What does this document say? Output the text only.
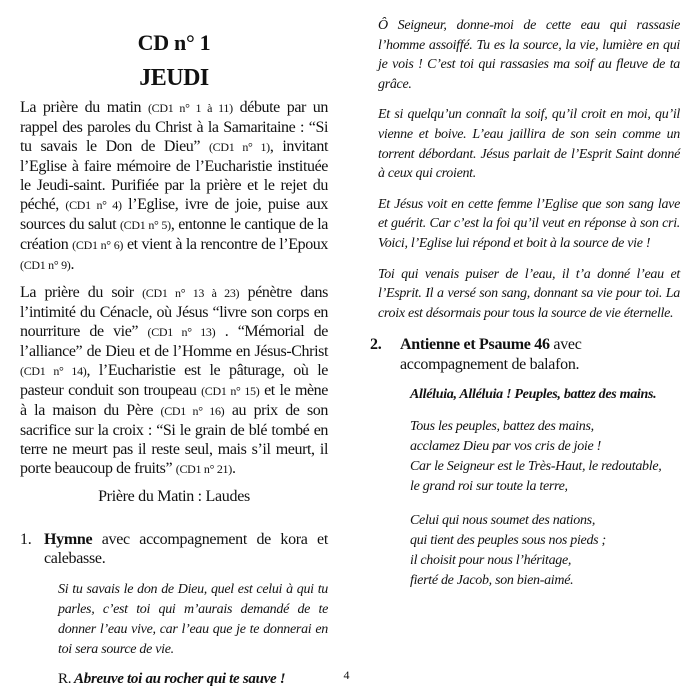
CD n° 1
JEUDI

La prière du matin (CD1 n° 1 à 11) débute par un rappel des paroles du Christ à la Samaritaine : “Si tu savais le Don de Dieu” (CD1 n° 1), invitant l’Eglise à faire mémoire de l’Eucharistie instituée le Jeudi-saint. Purifiée par la prière et le rejet du péché, (CD1 n° 4) l’Eglise, ivre de joie, puise aux sources du salut (CD1 n° 5), entonne le cantique de la création (CD1 n° 6) et vient à la rencontre de l’Epoux (CD1 n° 9).

La prière du soir (CD1 n° 13 à 23) pénètre dans l’intimité du Cénacle, où Jésus “livre son corps en nourriture de vie” (CD1 n° 13) . “Mémorial de l’alliance” de Dieu et de l’Homme en Jésus-Christ (CD1 n° 14), l’Eucharistie est le pâturage, où le pasteur conduit son troupeau (CD1 n° 15) et le mène à la maison du Père (CD1 n° 16) au prix de son sacrifice sur la croix : “Si le grain de blé tombé en terre ne meurt pas il reste seul, mais s’il meurt, il porte beaucoup de fruits” (CD1 n° 21).

Prière du Matin : Laudes
1. Hymne avec accompagnement de kora et calebasse.

Si tu savais le don de Dieu, quel est celui à qui tu parles, c’est toi qui m’aurais demandé de te donner l’eau vive, car l’eau que je te donnerai en toi sera source de vie.

R. Abreuve toi au rocher qui te sauve !

Ô Seigneur, donne-moi de cette eau qui rassasie l’homme assoiffé. Tu es la source, la vie, lumière en qui je vois ! C’est toi qui rassasies ma soif au fleuve de ta grâce.

Et si quelqu’un connaît la soif, qu’il croit en moi, qu’il vienne et boive. L’eau jaillira de son sein comme un torrent débordant. Jésus parlait de l’Esprit Saint donné à ceux qui croient.

Et Jésus voit en cette femme l’Eglise que son sang lave et guérit. Car c’est la foi qu’il veut en réponse à son cri. Voici, l’Eglise lui répond et boit à la source de vie !

Toi qui venais puiser de l’eau, il t’a donné l’eau et l’Esprit. Il a versé son sang, donnant sa vie pour toi. La croix est désormais pour tous la source de vie éternelle.

2.	Antienne et Psaume 46 avec accompagnement de balafon.
Alléluia, Alléluia ! Peuples, battez des mains.
Tous les peuples, battez des mains,
acclamez Dieu par vos cris de joie !
Car le Seigneur est le Très-Haut, le redoutable,
le grand roi sur toute la terre,
Celui qui nous soumet des nations,
qui tient des peuples sous nos pieds ;
il choisit pour nous l’héritage,
fierté de Jacob, son bien-aimé.
4
